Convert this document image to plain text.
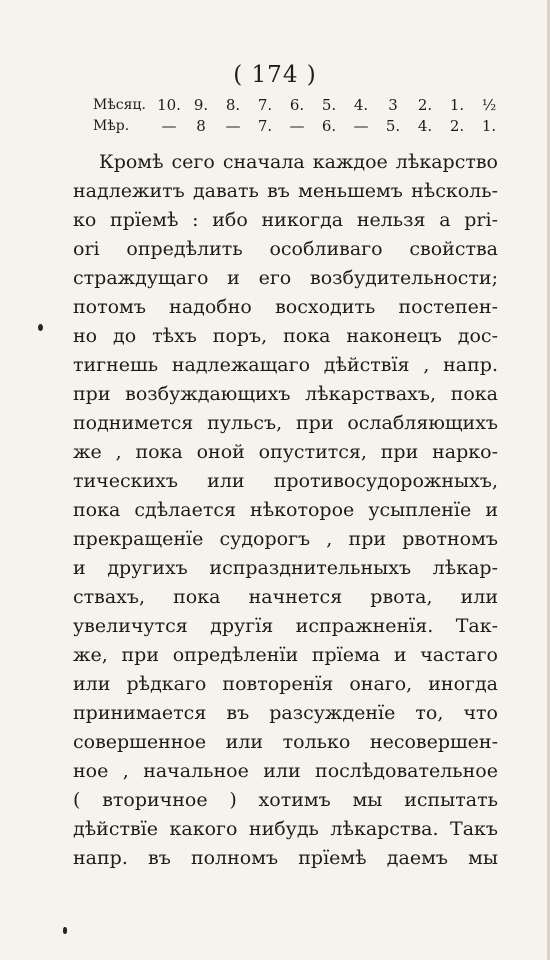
( 174 )
Мѣсяц. 10. 9.	8.	7.	6.	5.	4.	3	2.	1.	½
Мѣр.	—	8	—	7.	—	6.	—	5.	4.	2.	1.
Кромѣ сего сначала каждое лѣкарство
надлежитъ давать въ меньшемъ нѣсколь-
ко прїемѣ : ибо никогда нельзя a pri-
ori опредѣлить особливаго свойства
страждущаго и его возбудительности;
потомъ надобно восходить постепен-
но до тѣхъ поръ, пока наконецъ дос-
тигнешь надлежащаго дѣйствїя , напр.
при возбуждающихъ лѣкарствахъ, пока
поднимется пульсъ, при ослабляющихъ
же , пока оной опустится, при нарко-
тическихъ или противосудорожныхъ,
пока сдѣлается нѣкоторое усыпленїе и
прекращенїе судорогъ , при рвотномъ
и другихъ испразднительныхъ лѣкар-
ствахъ, пока начнется рвота, или
увеличутся другїя испражненїя. Так-
же, при опредѣленїи прїема и частаго
или рѣдкаго повторенїя онаго, иногда
принимается въ разсужденїе то, что
совершенное или только несовершен-
ное , начальное или послѣдовательное
( вторичное ) хотимъ мы испытать
дѣйствїе какого нибудь лѣкарства. Такъ
напр. въ полномъ прїемѣ даемъ мы
